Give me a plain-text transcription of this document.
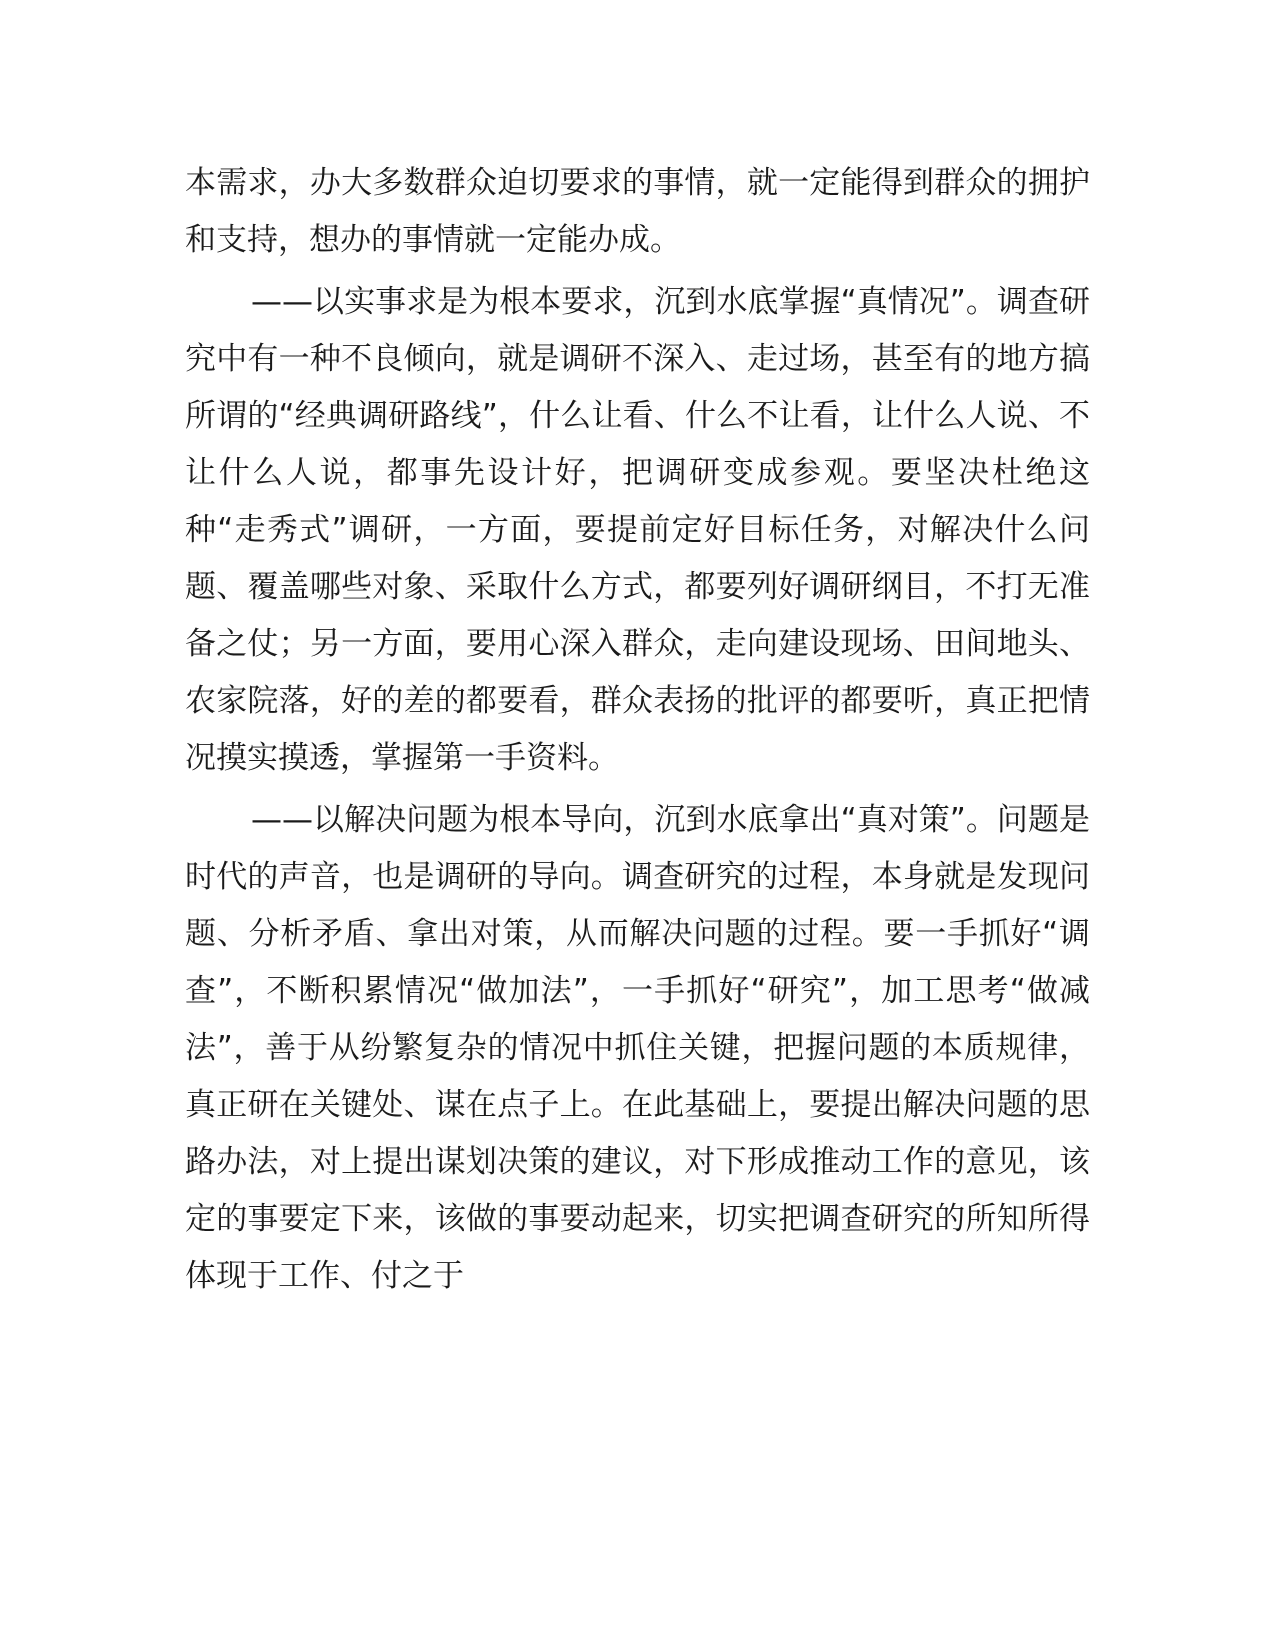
本需求，办大多数群众迫切要求的事情，就一定能得到群众的拥护和支持，想办的事情就一定能办成。

——以实事求是为根本要求，沉到水底掌握“真情况”。调查研究中有一种不良倾向，就是调研不深入、走过场，甚至有的地方搞所谓的“经典调研路线”，什么让看、什么不让看，让什么人说、不让什么人说，都事先设计好，把调研变成参观。要坚决杜绝这种“走秀式”调研，一方面，要提前定好目标任务，对解决什么问题、覆盖哪些对象、采取什么方式，都要列好调研纲目，不打无准备之仗；另一方面，要用心深入群众，走向建设现场、田间地头、农家院落，好的差的都要看，群众表扬的批评的都要听，真正把情况摸实摸透，掌握第一手资料。

——以解决问题为根本导向，沉到水底拿出“真对策”。问题是时代的声音，也是调研的导向。调查研究的过程，本身就是发现问题、分析矛盾、拿出对策，从而解决问题的过程。要一手抓好“调查”，不断积累情况“做加法”，一手抓好“研究”，加工思考“做减法”，善于从纷繁复杂的情况中抓住关键，把握问题的本质规律，真正研在关键处、谋在点子上。在此基础上，要提出解决问题的思路办法，对上提出谋划决策的建议，对下形成推动工作的意见，该定的事要定下来，该做的事要动起来，切实把调查研究的所知所得体现于工作、付之于
